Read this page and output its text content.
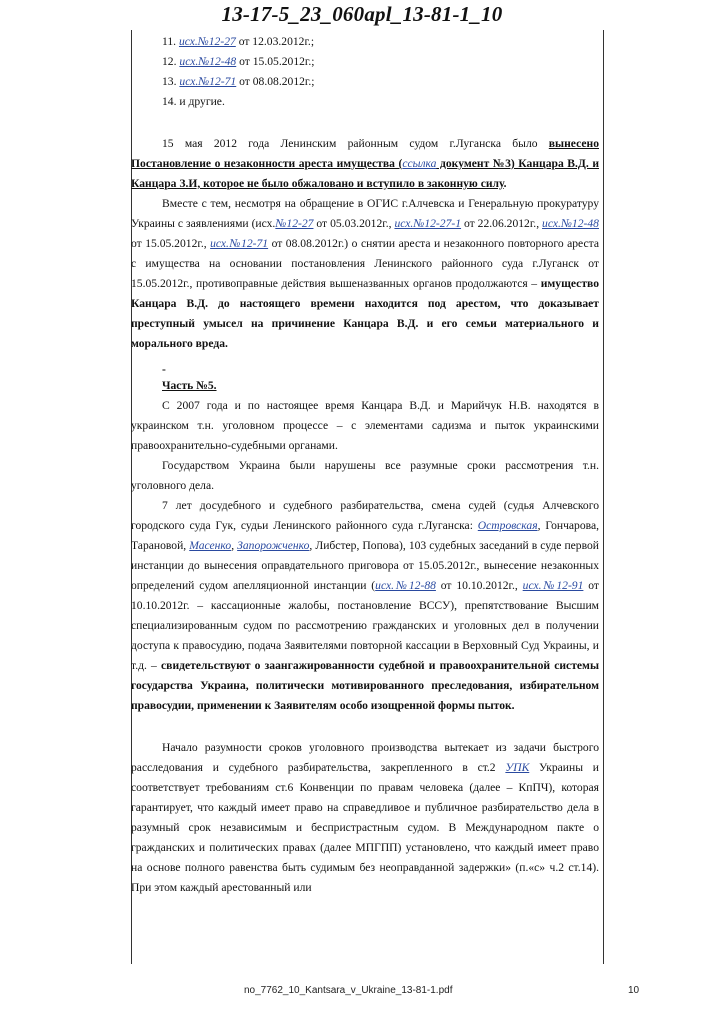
13-17-5_23_060apl_13-81-1_10
11. исх.№12-27 от 12.03.2012г.;
12. исх.№12-48 от 15.05.2012г.;
13. исх.№12-71 от 08.08.2012г.;
14. и другие.
15 мая 2012 года Ленинским районным судом г.Луганска было вынесено Постановление о незаконности ареста имущества (ссылка документ №3) Канцара В.Д. и Канцара З.И, которое не было обжаловано и вступило в законную силу.
Вместе с тем, несмотря на обращение в ОГИС г.Алчевска и Генеральную прокуратуру Украины с заявлениями (исх.№12-27 от 05.03.2012г., исх.№12-27-1 от 22.06.2012г., исх.№12-48 от 15.05.2012г., исх.№12-71 от 08.08.2012г.) о снятии ареста и незаконного повторного ареста с имущества на основании постановления Ленинского районного суда г.Луганск от 15.05.2012г., противоправные действия вышеназванных органов продолжаются – имущество Канцара В.Д. до настоящего времени находится под арестом, что доказывает преступный умысел на причинение Канцара В.Д. и его семьи материального и морального вреда.
-
Часть №5.
С 2007 года и по настоящее время Канцара В.Д. и Марийчук Н.В. находятся в украинском т.н. уголовном процессе – с элементами садизма и пыток украинскими правоохранительно-судебными органами.
Государством Украина были нарушены все разумные сроки рассмотрения т.н. уголовного дела.
7 лет досудебного и судебного разбирательства, смена судей (судья Алчевского городского суда Гук, судьи Ленинского районного суда г.Луганска: Островская, Гончарова, Тарановой, Масенко, Запорожченко, Либстер, Попова), 103 судебных заседаний в суде первой инстанции до вынесения оправдательного приговора от 15.05.2012г., вынесение незаконных определений судом апелляционной инстанции (исх.№12-88 от 10.10.2012г., исх.№12-91 от 10.10.2012г. – кассационные жалобы, постановление ВССУ), препятствование Высшим специализированным судом по рассмотрению гражданских и уголовных дел в получении доступа к правосудию, подача Заявителями повторной кассации в Верховный Суд Украины, и т.д. – свидетельствуют о заангажированности судебной и правоохранительной системы государства Украина, политически мотивированного преследования, избирательном правосудии, применении к Заявителям особо изощренной формы пыток.
Начало разумности сроков уголовного производства вытекает из задачи быстрого расследования и судебного разбирательства, закрепленного в ст.2 УПК Украины и соответствует требованиям ст.6 Конвенции по правам человека (далее – КпПЧ), которая гарантирует, что каждый имеет право на справедливое и публичное разбирательство дела в разумный срок независимым и беспристрастным судом. В Международном пакте о гражданских и политических правах (далее МПГПП) установлено, что каждый имеет право на основе полного равенства быть судимым без неоправданной задержки» (п.«с» ч.2 ст.14). При этом каждый арестованный или
no_7762_10_Kantsara_v_Ukraine_13-81-1.pdf	10
